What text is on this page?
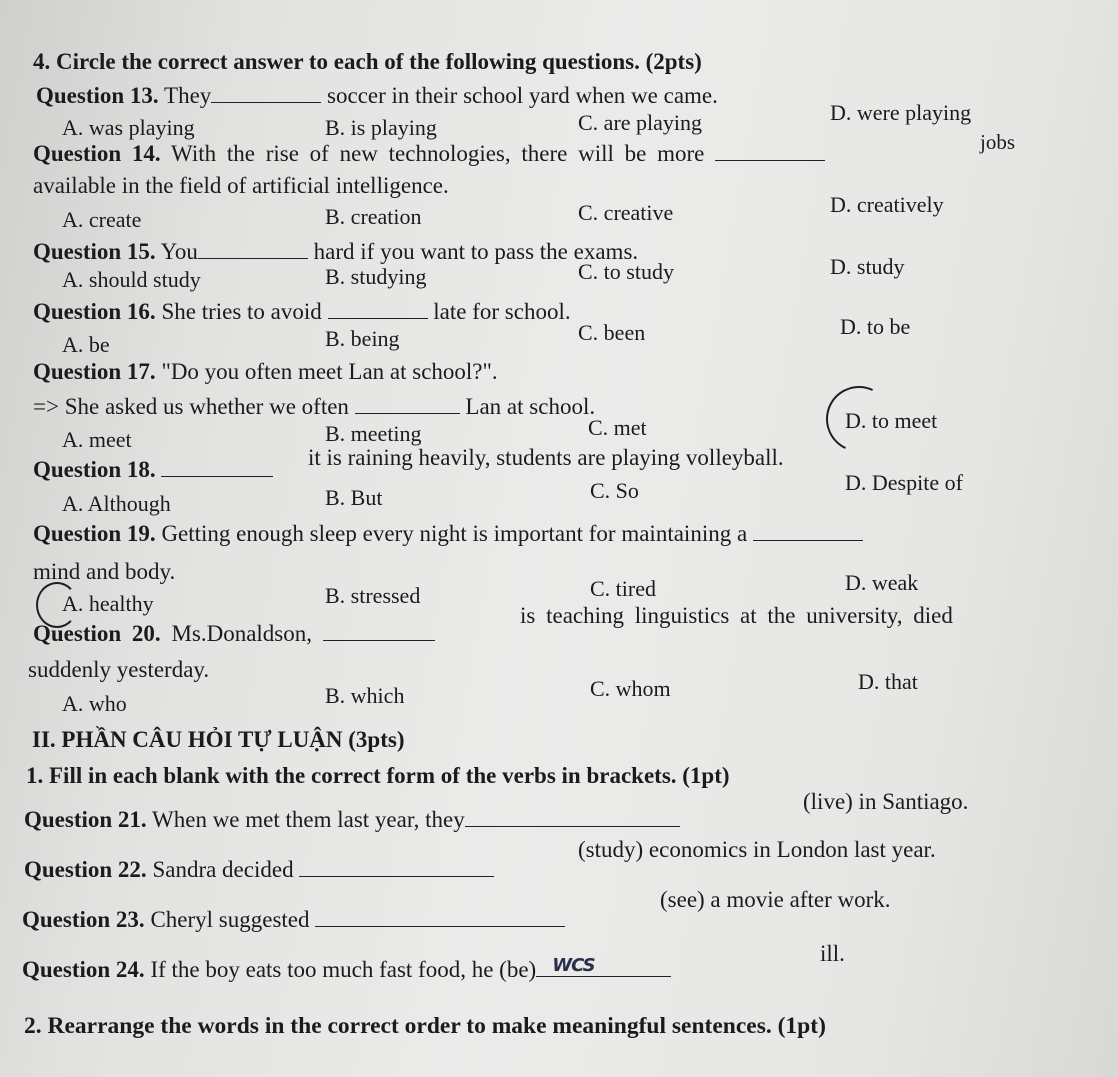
4. Circle the correct answer to each of the following questions. (2pts)
Question 13. They	soccer in their school yard when we came.
A. was playing	B. is playing	C. are playing	D. were playing
Question 14. With the rise of new technologies, there will be more	jobs
available in the field of artificial intelligence.
A. create	B. creation	C. creative	D. creatively
Question 15. You	hard if you want to pass the exams.
A. should study	B. studying	C. to study	D. study
Question 16. She tries to avoid	late for school.
A. be	B. being	C. been	D. to be
Question 17. "Do you often meet Lan at school?".
=> She asked us whether we often	Lan at school.
A. meet	B. meeting	C. met	D. to meet
Question 18.	it is raining heavily, students are playing volleyball.
A. Although	B. But	C. So	D. Despite of
Question 19. Getting enough sleep every night is important for maintaining a
mind and body.
A. healthy	B. stressed	C. tired	D. weak
Question 20. Ms.Donaldson,
is teaching linguistics at the university, died
suddenly yesterday.
A. who	B. which	C. whom	D. that
II. PHẦN CÂU HỎI TỰ LUẬN (3pts)
1. Fill in each blank with the correct form of the verbs in brackets. (1pt)
Question 21. When we met them last year, they
(live) in Santiago.
Question 22. Sandra decided
(study) economics in London last year.
Question 23. Cheryl suggested
(see) a movie after work.
Question 24. If the boy eats too much fast food, he (be) WCS	ill.
2. Rearrange the words in the correct order to make meaningful sentences. (1pt)
